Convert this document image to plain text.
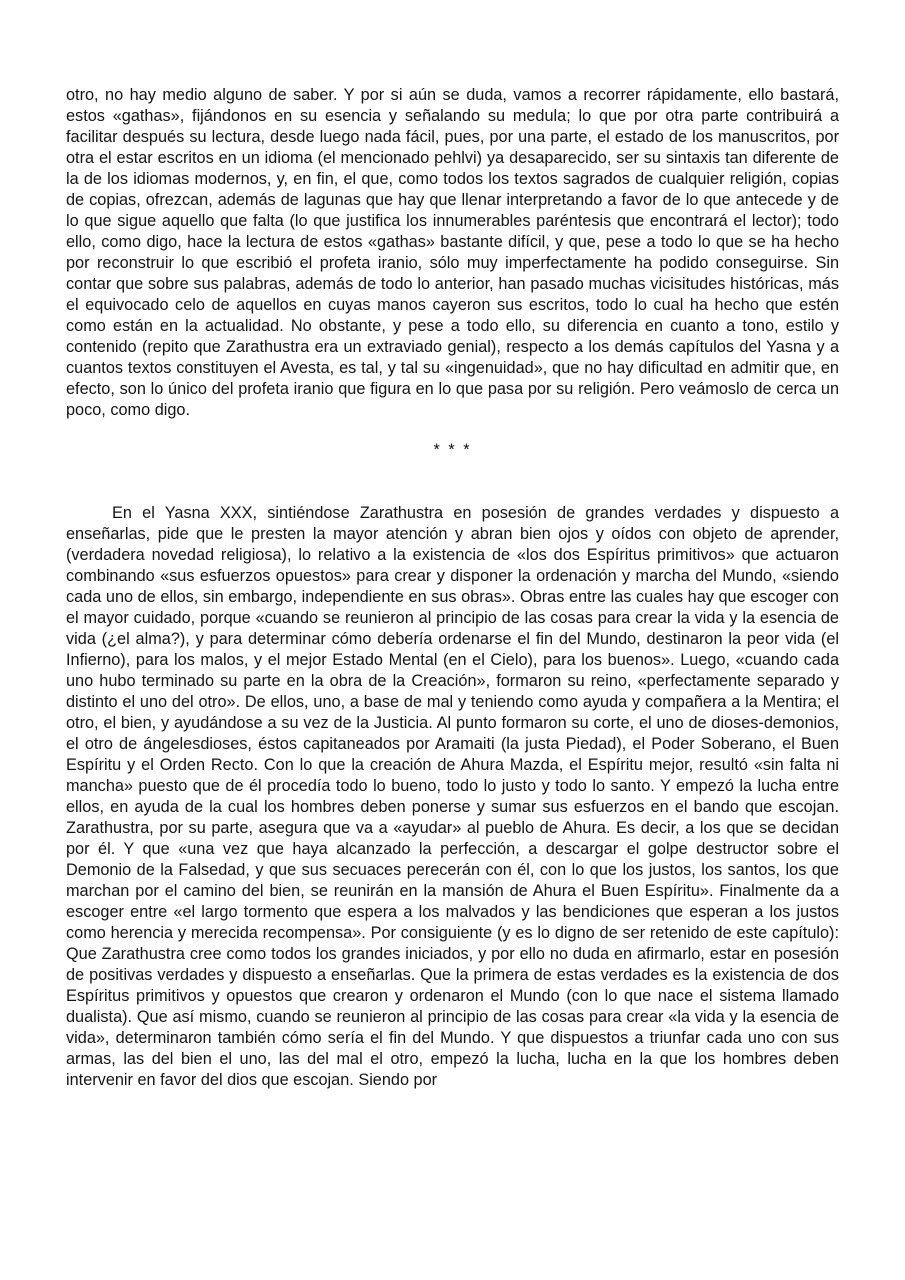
otro, no hay medio alguno de saber. Y por si aún se duda, vamos a recorrer rápidamente, ello bastará, estos «gathas», fijándonos en su esencia y señalando su medula; lo que por otra parte contribuirá a facilitar después su lectura, desde luego nada fácil, pues, por una parte, el estado de los manuscritos, por otra el estar escritos en un idioma (el mencionado pehlvi) ya desaparecido, ser su sintaxis tan diferente de la de los idiomas modernos, y, en fin, el que, como todos los textos sagrados de cualquier religión, copias de copias, ofrezcan, además de lagunas que hay que llenar interpretando a favor de lo que antecede y de lo que sigue aquello que falta (lo que justifica los innumerables paréntesis que encontrará el lector); todo ello, como digo, hace la lectura de estos «gathas» bastante difícil, y que, pese a todo lo que se ha hecho por reconstruir lo que escribió el profeta iranio, sólo muy imperfectamente ha podido conseguirse. Sin contar que sobre sus palabras, además de todo lo anterior, han pasado muchas vicisitudes históricas, más el equivocado celo de aquellos en cuyas manos cayeron sus escritos, todo lo cual ha hecho que estén como están en la actualidad. No obstante, y pese a todo ello, su diferencia en cuanto a tono, estilo y contenido (repito que Zarathustra era un extraviado genial), respecto a los demás capítulos del Yasna y a cuantos textos constituyen el Avesta, es tal, y tal su «ingenuidad», que no hay dificultad en admitir que, en efecto, son lo único del profeta iranio que figura en lo que pasa por su religión. Pero veámoslo de cerca un poco, como digo.

* * *

En el Yasna XXX, sintiéndose Zarathustra en posesión de grandes verdades y dispuesto a enseñarlas, pide que le presten la mayor atención y abran bien ojos y oídos con objeto de aprender, (verdadera novedad religiosa), lo relativo a la existencia de «los dos Espíritus primitivos» que actuaron combinando «sus esfuerzos opuestos» para crear y disponer la ordenación y marcha del Mundo, «siendo cada uno de ellos, sin embargo, independiente en sus obras». Obras entre las cuales hay que escoger con el mayor cuidado, porque «cuando se reunieron al principio de las cosas para crear la vida y la esencia de vida (¿el alma?), y para determinar cómo debería ordenarse el fin del Mundo, destinaron la peor vida (el Infierno), para los malos, y el mejor Estado Mental (en el Cielo), para los buenos». Luego, «cuando cada uno hubo terminado su parte en la obra de la Creación», formaron su reino, «perfectamente separado y distinto el uno del otro». De ellos, uno, a base de mal y teniendo como ayuda y compañera a la Mentira; el otro, el bien, y ayudándose a su vez de la Justicia. Al punto formaron su corte, el uno de dioses-demonios, el otro de ángelesdioses, éstos capitaneados por Aramaiti (la justa Piedad), el Poder Soberano, el Buen Espíritu y el Orden Recto. Con lo que la creación de Ahura Mazda, el Espíritu mejor, resultó «sin falta ni mancha» puesto que de él procedía todo lo bueno, todo lo justo y todo lo santo. Y empezó la lucha entre ellos, en ayuda de la cual los hombres deben ponerse y sumar sus esfuerzos en el bando que escojan. Zarathustra, por su parte, asegura que va a «ayudar» al pueblo de Ahura. Es decir, a los que se decidan por él. Y que «una vez que haya alcanzado la perfección, a descargar el golpe destructor sobre el Demonio de la Falsedad, y que sus secuaces perecerán con él, con lo que los justos, los santos, los que marchan por el camino del bien, se reunirán en la mansión de Ahura el Buen Espíritu». Finalmente da a escoger entre «el largo tormento que espera a los malvados y las bendiciones que esperan a los justos como herencia y merecida recompensa». Por consiguiente (y es lo digno de ser retenido de este capítulo): Que Zarathustra cree como todos los grandes iniciados, y por ello no duda en afirmarlo, estar en posesión de positivas verdades y dispuesto a enseñarlas. Que la primera de estas verdades es la existencia de dos Espíritus primitivos y opuestos que crearon y ordenaron el Mundo (con lo que nace el sistema llamado dualista). Que así mismo, cuando se reunieron al principio de las cosas para crear «la vida y la esencia de vida», determinaron también cómo sería el fin del Mundo. Y que dispuestos a triunfar cada uno con sus armas, las del bien el uno, las del mal el otro, empezó la lucha, lucha en la que los hombres deben intervenir en favor del dios que escojan. Siendo por
